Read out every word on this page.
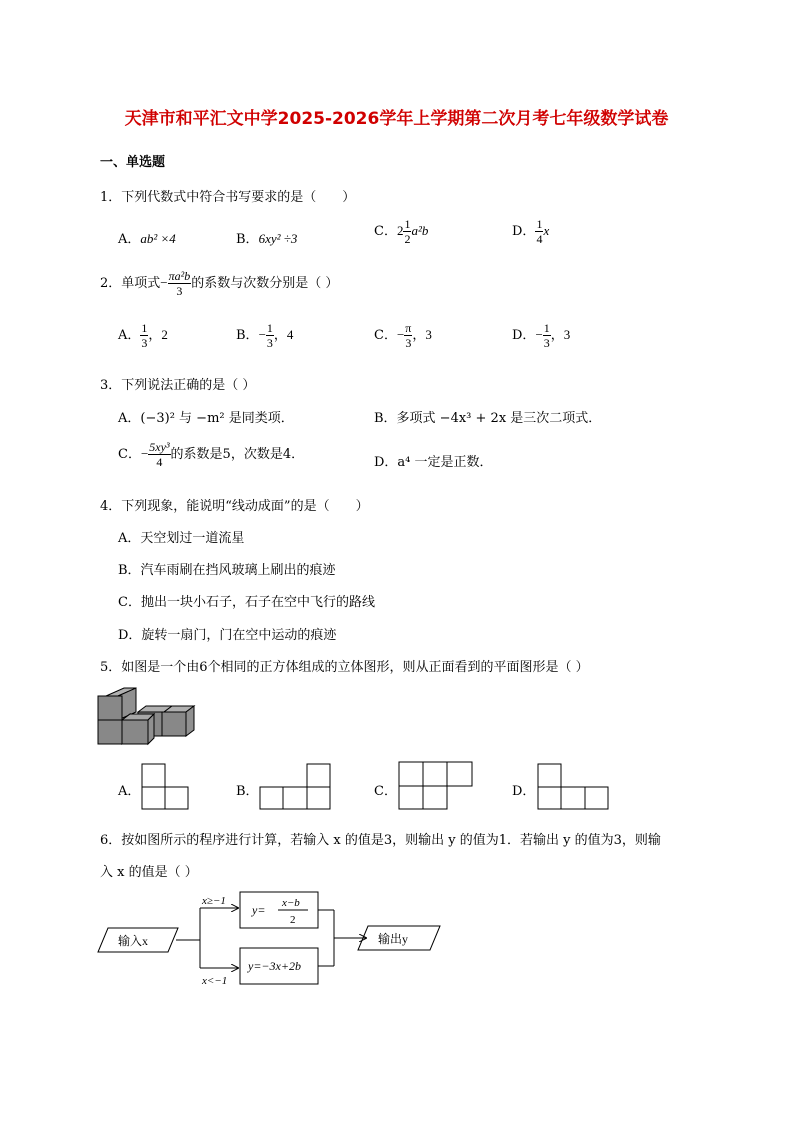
天津市和平汇文中学2025-2026学年上学期第二次月考七年级数学试卷
一、单选题
1．下列代数式中符合书写要求的是（　　）
A．ab² ×4	B．6xy² ÷3	C．$2 \frac{1}{2} a^2b$	D． $\frac{1}{4}$ x
2．单项式− $\frac{\text{πa²b}}{3}$ 的系数与次数分别是（ ）
A． $\frac{1}{3}$ ，2	B．− $\frac{1}{3}$ ，4	C．− $\frac{\pi}{3}$ ，3	D．− $\frac{1}{3}$ ，3
3．下列说法正确的是（ ）
A．(−3)² 与 −m² 是同类项．	B．多项式 −4x³ + 2x 是三次二项式．
C．− $\frac{\text{5xy³}}{4}$ 的系数是5，次数是4．
D．a⁴ 一定是正数．
4．下列现象，能说明“线动成面”的是（　　）
A．天空划过一道流星
B．汽车雨刷在挡风玻璃上刷出的痕迹
C．抛出一块小石子，石子在空中飞行的路线
D．旋转一扇门，门在空中运动的痕迹
5．如图是一个由6个相同的正方体组成的立体图形，则从正面看到的平面图形是（ ）
A．	B．	C．	D．
6．按如图所示的程序进行计算，若输入 x 的值是3，则输出 y 的值为1．若输出 y 的值为3，则输
入 x 的值是（ ）
输入x	输出y
x≥−1
x<−1
y= x−b
2
y=−3x+2b
